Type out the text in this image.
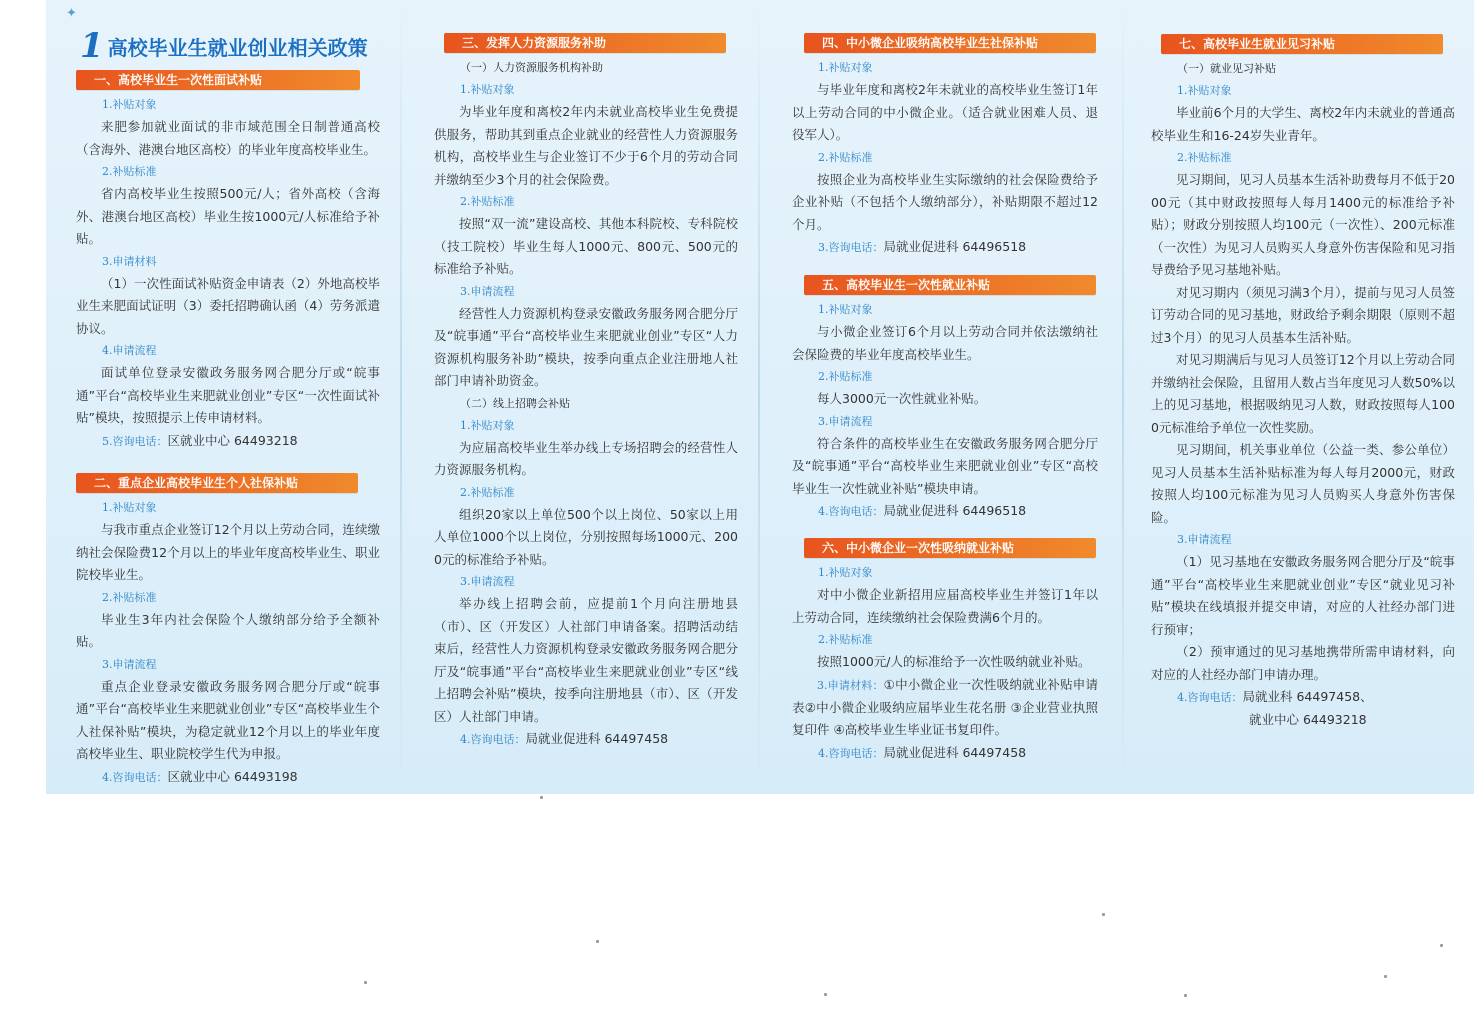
✦
1 高校毕业生就业创业相关政策
一、高校毕业生一次性面试补贴
1.补贴对象

来肥参加就业面试的非市域范围全日制普通高校（含海外、港澳台地区高校）的毕业年度高校毕业生。

2.补贴标准

省内高校毕业生按照500元/人；省外高校（含海外、港澳台地区高校）毕业生按1000元/人标准给予补贴。

3.申请材料

（1）一次性面试补贴资金申请表（2）外地高校毕业生来肥面试证明（3）委托招聘确认函（4）劳务派遣协议。

4.申请流程

面试单位登录安徽政务服务网合肥分厅或“皖事通”平台“高校毕业生来肥就业创业”专区“一次性面试补贴”模块，按照提示上传申请材料。

5.咨询电话：区就业中心 64493218
二、重点企业高校毕业生个人社保补贴
1.补贴对象

与我市重点企业签订12个月以上劳动合同，连续缴纳社会保险费12个月以上的毕业年度高校毕业生、职业院校毕业生。

2.补贴标准

毕业生3年内社会保险个人缴纳部分给予全额补贴。

3.申请流程

重点企业登录安徽政务服务网合肥分厅或“皖事通”平台“高校毕业生来肥就业创业”专区“高校毕业生个人社保补贴”模块，为稳定就业12个月以上的毕业年度高校毕业生、职业院校学生代为申报。

4.咨询电话：区就业中心 64493198
三、发挥人力资源服务补助
（一）人力资源服务机构补助
1.补贴对象

为毕业年度和离校2年内未就业高校毕业生免费提供服务，帮助其到重点企业就业的经营性人力资源服务机构，高校毕业生与企业签订不少于6个月的劳动合同并缴纳至少3个月的社会保险费。

2.补贴标准

按照“双一流”建设高校、其他本科院校、专科院校（技工院校）毕业生每人1000元、800元、500元的标准给予补贴。

3.申请流程

经营性人力资源机构登录安徽政务服务网合肥分厅及“皖事通”平台“高校毕业生来肥就业创业”专区“人力资源机构服务补助”模块，按季向重点企业注册地人社部门申请补助资金。

（二）线上招聘会补贴
1.补贴对象

为应届高校毕业生举办线上专场招聘会的经营性人力资源服务机构。

2.补贴标准

组织20家以上单位500个以上岗位、50家以上用人单位1000个以上岗位，分别按照每场1000元、2000元的标准给予补贴。

3.申请流程

举办线上招聘会前，应提前1个月向注册地县（市）、区（开发区）人社部门申请备案。招聘活动结束后，经营性人力资源机构登录安徽政务服务网合肥分厅及“皖事通”平台“高校毕业生来肥就业创业”专区“线上招聘会补贴”模块，按季向注册地县（市）、区（开发区）人社部门申请。

4.咨询电话：局就业促进科 64497458
四、中小微企业吸纳高校毕业生社保补贴
1.补贴对象

与毕业年度和离校2年未就业的高校毕业生签订1年以上劳动合同的中小微企业。（适合就业困难人员、退役军人）。

2.补贴标准

按照企业为高校毕业生实际缴纳的社会保险费给予企业补贴（不包括个人缴纳部分），补贴期限不超过12个月。

3.咨询电话：局就业促进科 64496518
五、高校毕业生一次性就业补贴
1.补贴对象

与小微企业签订6个月以上劳动合同并依法缴纳社会保险费的毕业年度高校毕业生。

2.补贴标准

每人3000元一次性就业补贴。

3.申请流程

符合条件的高校毕业生在安徽政务服务网合肥分厅及“皖事通”平台“高校毕业生来肥就业创业”专区“高校毕业生一次性就业补贴”模块申请。

4.咨询电话：局就业促进科 64496518
六、中小微企业一次性吸纳就业补贴
1.补贴对象

对中小微企业新招用应届高校毕业生并签订1年以上劳动合同，连续缴纳社会保险费满6个月的。

2.补贴标准

按照1000元/人的标准给予一次性吸纳就业补贴。

3.申请材料：①中小微企业一次性吸纳就业补贴申请表②中小微企业吸纳应届毕业生花名册 ③企业营业执照复印件 ④高校毕业生毕业证书复印件。

4.咨询电话：局就业促进科 64497458
七、高校毕业生就业见习补贴
（一）就业见习补贴
1.补贴对象

毕业前6个月的大学生、离校2年内未就业的普通高校毕业生和16-24岁失业青年。

2.补贴标准

见习期间，见习人员基本生活补助费每月不低于2000元（其中财政按照每人每月1400元的标准给予补贴）；财政分别按照人均100元（一次性）、200元标准（一次性）为见习人员购买人身意外伤害保险和见习指导费给予见习基地补贴。

对见习期内（须见习满3个月），提前与见习人员签订劳动合同的见习基地，财政给予剩余期限（原则不超过3个月）的见习人员基本生活补贴。

对见习期满后与见习人员签订12个月以上劳动合同并缴纳社会保险，且留用人数占当年度见习人数50%以上的见习基地，根据吸纳见习人数，财政按照每人1000元标准给予单位一次性奖励。

见习期间，机关事业单位（公益一类、参公单位）见习人员基本生活补贴标准为每人每月2000元，财政按照人均100元标准为见习人员购买人身意外伤害保险。

3.申请流程

（1）见习基地在安徽政务服务网合肥分厅及“皖事通”平台“高校毕业生来肥就业创业”专区“就业见习补贴”模块在线填报并提交申请，对应的人社经办部门进行预审；

（2）预审通过的见习基地携带所需申请材料，向对应的人社经办部门申请办理。

4.咨询电话：局就业科 64497458、
就业中心 64493218
